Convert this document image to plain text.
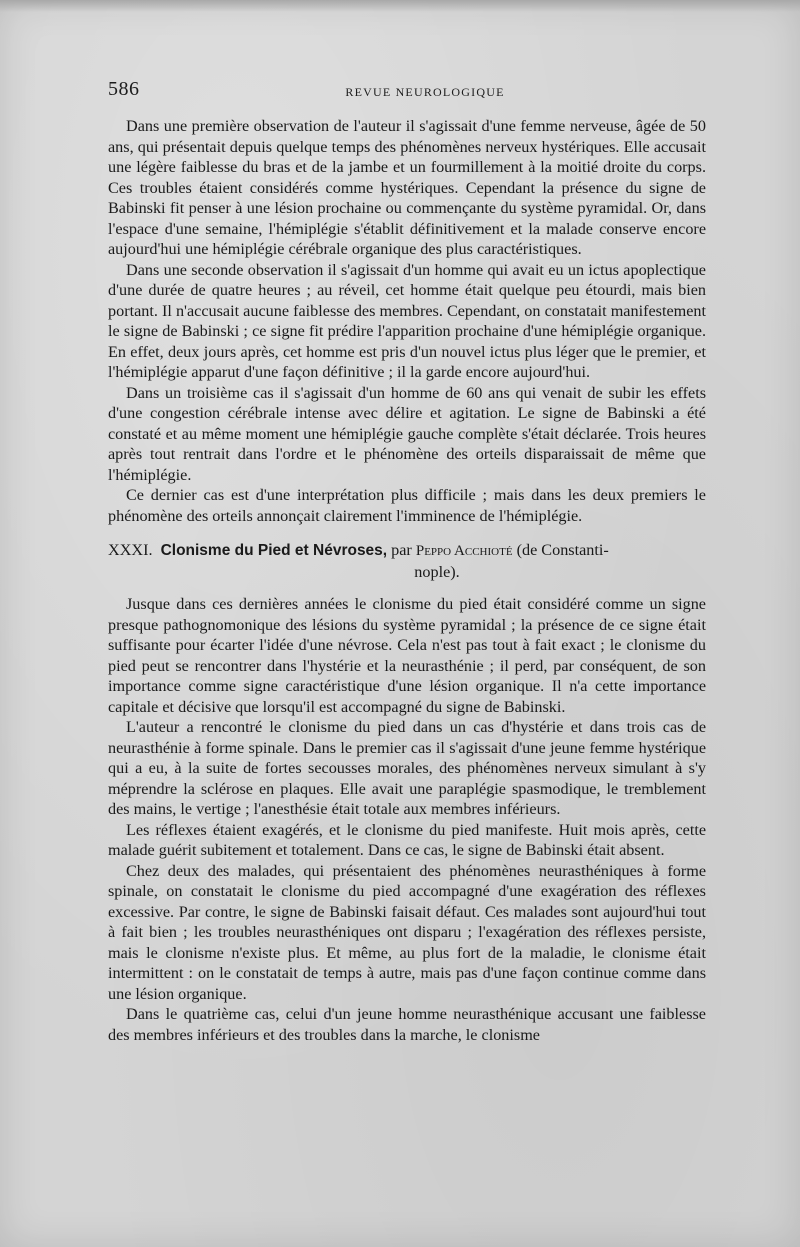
586	REVUE NEUROLOGIQUE

Dans une première observation de l'auteur il s'agissait d'une femme nerveuse, âgée de 50 ans, qui présentait depuis quelque temps des phénomènes nerveux hystériques. Elle accusait une légère faiblesse du bras et de la jambe et un fourmillement à la moitié droite du corps. Ces troubles étaient considérés comme hystériques. Cependant la présence du signe de Babinski fit penser à une lésion prochaine ou commençante du système pyramidal. Or, dans l'espace d'une semaine, l'hémiplégie s'établit définitivement et la malade conserve encore aujourd'hui une hémiplégie cérébrale organique des plus caractéristiques.

Dans une seconde observation il s'agissait d'un homme qui avait eu un ictus apoplectique d'une durée de quatre heures ; au réveil, cet homme était quelque peu étourdi, mais bien portant. Il n'accusait aucune faiblesse des membres. Cependant, on constatait manifestement le signe de Babinski ; ce signe fit prédire l'apparition prochaine d'une hémiplégie organique. En effet, deux jours après, cet homme est pris d'un nouvel ictus plus léger que le premier, et l'hémiplégie apparut d'une façon définitive ; il la garde encore aujourd'hui.

Dans un troisième cas il s'agissait d'un homme de 60 ans qui venait de subir les effets d'une congestion cérébrale intense avec délire et agitation. Le signe de Babinski a été constaté et au même moment une hémiplégie gauche complète s'était déclarée. Trois heures après tout rentrait dans l'ordre et le phénomène des orteils disparaissait de même que l'hémiplégie.

Ce dernier cas est d'une interprétation plus difficile ; mais dans les deux premiers le phénomène des orteils annonçait clairement l'imminence de l'hémiplégie.

XXXI. Clonisme du Pied et Névroses, par Peppo Acchioté (de Constanti-
nople).

Jusque dans ces dernières années le clonisme du pied était considéré comme un signe presque pathognomonique des lésions du système pyramidal ; la présence de ce signe était suffisante pour écarter l'idée d'une névrose. Cela n'est pas tout à fait exact ; le clonisme du pied peut se rencontrer dans l'hystérie et la neurasthénie ; il perd, par conséquent, de son importance comme signe caractéristique d'une lésion organique. Il n'a cette importance capitale et décisive que lorsqu'il est accompagné du signe de Babinski.

L'auteur a rencontré le clonisme du pied dans un cas d'hystérie et dans trois cas de neurasthénie à forme spinale. Dans le premier cas il s'agissait d'une jeune femme hystérique qui a eu, à la suite de fortes secousses morales, des phénomènes nerveux simulant à s'y méprendre la sclérose en plaques. Elle avait une paraplégie spasmodique, le tremblement des mains, le vertige ; l'anesthésie était totale aux membres inférieurs.

Les réflexes étaient exagérés, et le clonisme du pied manifeste. Huit mois après, cette malade guérit subitement et totalement. Dans ce cas, le signe de Babinski était absent.

Chez deux des malades, qui présentaient des phénomènes neurasthéniques à forme spinale, on constatait le clonisme du pied accompagné d'une exagération des réflexes excessive. Par contre, le signe de Babinski faisait défaut. Ces malades sont aujourd'hui tout à fait bien ; les troubles neurasthéniques ont disparu ; l'exagération des réflexes persiste, mais le clonisme n'existe plus. Et même, au plus fort de la maladie, le clonisme était intermittent : on le constatait de temps à autre, mais pas d'une façon continue comme dans une lésion organique.

Dans le quatrième cas, celui d'un jeune homme neurasthénique accusant une faiblesse des membres inférieurs et des troubles dans la marche, le clonisme
